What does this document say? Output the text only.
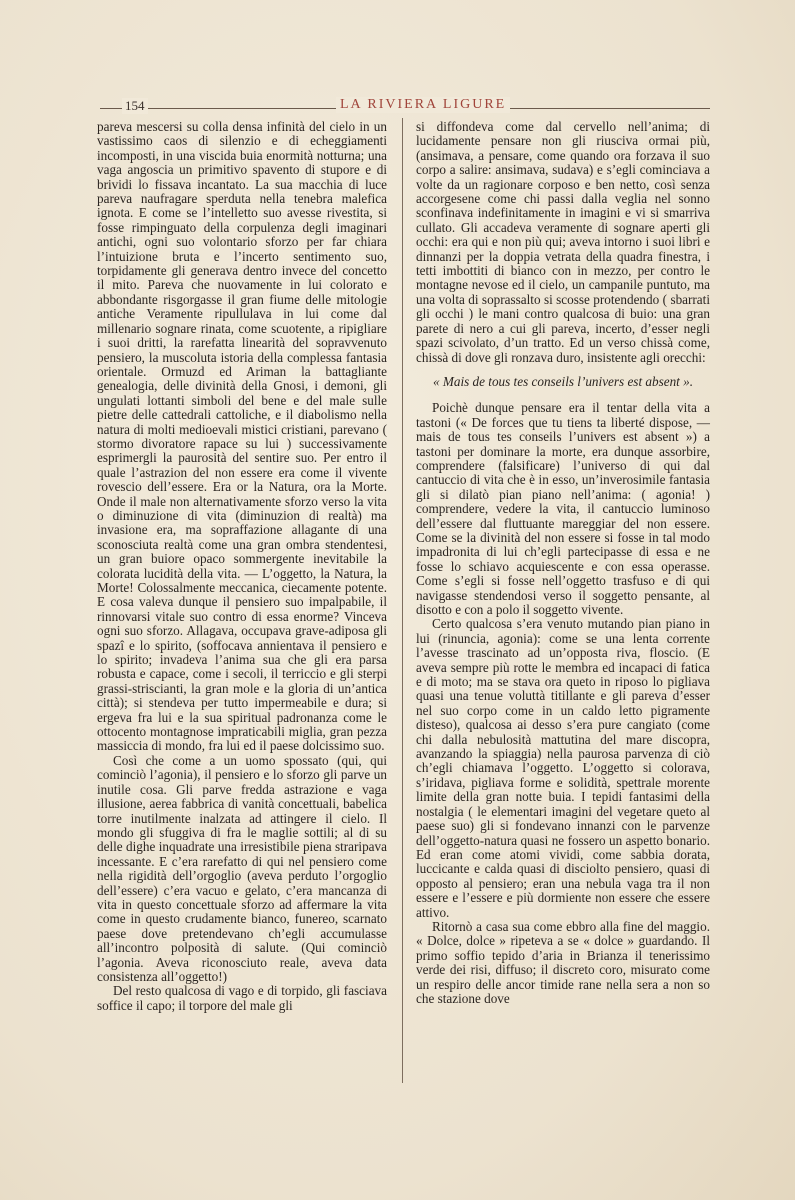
154	LA RIVIERA LIGURE

pareva mescersi su colla densa infinità del cielo in un vastissimo caos di silenzio e di echeggiamenti incomposti, in una viscida buia enormità notturna; una vaga angoscia un primitivo spavento di stupore e di brividi lo fissava incantato. La sua macchia di luce pareva naufragare sperduta nella tenebra malefica ignota. E come se l’intelletto suo avesse rivestita, si fosse rimpinguato della corpulenza degli imaginari antichi, ogni suo volontario sforzo per far chiara l’intuizione bruta e l’incerto sentimento suo, torpidamente gli generava dentro invece del concetto il mito. Pareva che nuovamente in lui colorato e abbondante risgorgasse il gran fiume delle mitologie antiche Veramente ripullulava in lui come dal millenario sognare rinata, come scuotente, a ripigliare i suoi dritti, la rarefatta linearità del sopravvenuto pensiero, la muscoluta istoria della complessa fantasia orientale. Ormuzd ed Ariman la battagliante genealogia, delle divinità della Gnosi, i demoni, gli ungulati lottanti simboli del bene e del male sulle pietre delle cattedrali cattoliche, e il diabolismo nella natura di molti medioevali mistici cristiani, parevano ( stormo divoratore rapace su lui ) successivamente esprimergli la paurosità del sentire suo. Per entro il quale l’astrazion del non essere era come il vivente rovescio dell’essere. Era or la Natura, ora la Morte. Onde il male non alternativamente sforzo verso la vita o diminuzione di vita (diminuzion di realtà) ma invasione era, ma sopraffazione allagante di una sconosciuta realtà come una gran ombra stendentesi, un gran buiore opaco sommergente inevitabile la colorata lucidità della vita. — L’oggetto, la Natura, la Morte! Colossalmente meccanica, ciecamente potente. E cosa valeva dunque il pensiero suo impalpabile, il rinnovarsi vitale suo contro di essa enorme? Vinceva ogni suo sforzo. Allagava, occupava grave-adiposa gli spazî e lo spirito, (soffocava annientava il pensiero e lo spirito; invadeva l’anima sua che gli era parsa robusta e capace, come i secoli, il terriccio e gli sterpi grassi-striscianti, la gran mole e la gloria di un’antica città); si stendeva per tutto impermeabile e dura; si ergeva fra lui e la sua spiritual padronanza come le ottocento montagnose impraticabili miglia, gran pezza massiccia di mondo, fra lui ed il paese dolcissimo suo.

Così che come a un uomo spossato (qui, qui cominciò l’agonia), il pensiero e lo sforzo gli parve un inutile cosa. Gli parve fredda astrazione e vaga illusione, aerea fabbrica di vanità concettuali, babelica torre inutilmente inalzata ad attingere il cielo. Il mondo gli sfuggiva di fra le maglie sottili; al di su delle dighe inquadrate una irresistibile piena straripava incessante. E c’era rarefatto di qui nel pensiero come nella rigidità dell’orgoglio (aveva perduto l’orgoglio dell’essere) c’era vacuo e gelato, c’era mancanza di vita in questo concettuale sforzo ad affermare la vita come in questo crudamente bianco, funereo, scarnato paese dove pretendevano ch’egli accumulasse all’incontro polposità di salute. (Qui cominciò l’agonia. Aveva riconosciuto reale, aveva data consistenza all’oggetto!)

Del resto qualcosa di vago e di torpido, gli fasciava soffice il capo; il torpore del male gli

si diffondeva come dal cervello nell’anima; di lucidamente pensare non gli riusciva ormai più, (ansimava, a pensare, come quando ora forzava il suo corpo a salire: ansimava, sudava) e s’egli cominciava a volte da un ragionare corposo e ben netto, così senza accorgesene come chi passi dalla veglia nel sonno sconfinava indefinitamente in imagini e vi si smarriva cullato. Gli accadeva veramente di sognare aperti gli occhi: era qui e non più qui; aveva intorno i suoi libri e dinnanzi per la doppia vetrata della quadra finestra, i tetti imbottiti di bianco con in mezzo, per contro le montagne nevose ed il cielo, un campanile puntuto, ma una volta di soprassalto si scosse protendendo ( sbarrati gli occhi ) le mani contro qualcosa di buio: una gran parete di nero a cui gli pareva, incerto, d’esser negli spazi scivolato, d’un tratto. Ed un verso chissà come, chissà di dove gli ronzava duro, insistente agli orecchi:

« Mais de tous tes conseils l’univers est absent ».

Poichè dunque pensare era il tentar della vita a tastoni (« De forces que tu tiens ta liberté dispose, — mais de tous tes conseils l’univers est absent ») a tastoni per dominare la morte, era dunque assorbire, comprendere (falsificare) l’universo di qui dal cantuccio di vita che è in esso, un’inverosimile fantasia gli si dilatò pian piano nell’anima: ( agonia! ) comprendere, vedere la vita, il cantuccio luminoso dell’essere dal fluttuante mareggiar del non essere. Come se la divinità del non essere si fosse in tal modo impadronita di lui ch’egli partecipasse di essa e ne fosse lo schiavo acquiescente e con essa operasse. Come s’egli si fosse nell’oggetto trasfuso e di qui navigasse stendendosi verso il soggetto pensante, al disotto e con a polo il soggetto vivente.

Certo qualcosa s’era venuto mutando pian piano in lui (rinuncia, agonia): come se una lenta corrente l’avesse trascinato ad un’opposta riva, floscio. (E aveva sempre più rotte le membra ed incapaci di fatica e di moto; ma se stava ora queto in riposo lo pigliava quasi una tenue voluttà titillante e gli pareva d’esser nel suo corpo come in un caldo letto pigramente disteso), qualcosa ai desso s’era pure cangiato (come chi dalla nebulosità mattutina del mare discopra, avanzando la spiaggia) nella paurosa parvenza di ciò ch’egli chiamava l’oggetto. L’oggetto si colorava, s’iridava, pigliava forme e solidità, spettrale morente limite della gran notte buia. I tepidi fantasimi della nostalgia ( le elementari imagini del vegetare queto al paese suo) gli si fondevano innanzi con le parvenze dell’oggetto-natura quasi ne fossero un aspetto bonario. Ed eran come atomi vividi, come sabbia dorata, luccicante e calda quasi di disciolto pensiero, quasi di opposto al pensiero; eran una nebula vaga tra il non essere e l’essere e più dormiente non essere che essere attivo.

Ritornò a casa sua come ebbro alla fine del maggio. « Dolce, dolce » ripeteva a se « dolce » guardando. Il primo soffio tepido d’aria in Brianza il tenerissimo verde dei risi, diffuso; il discreto coro, misurato come un respiro delle ancor timide rane nella sera a non so che stazione dove
